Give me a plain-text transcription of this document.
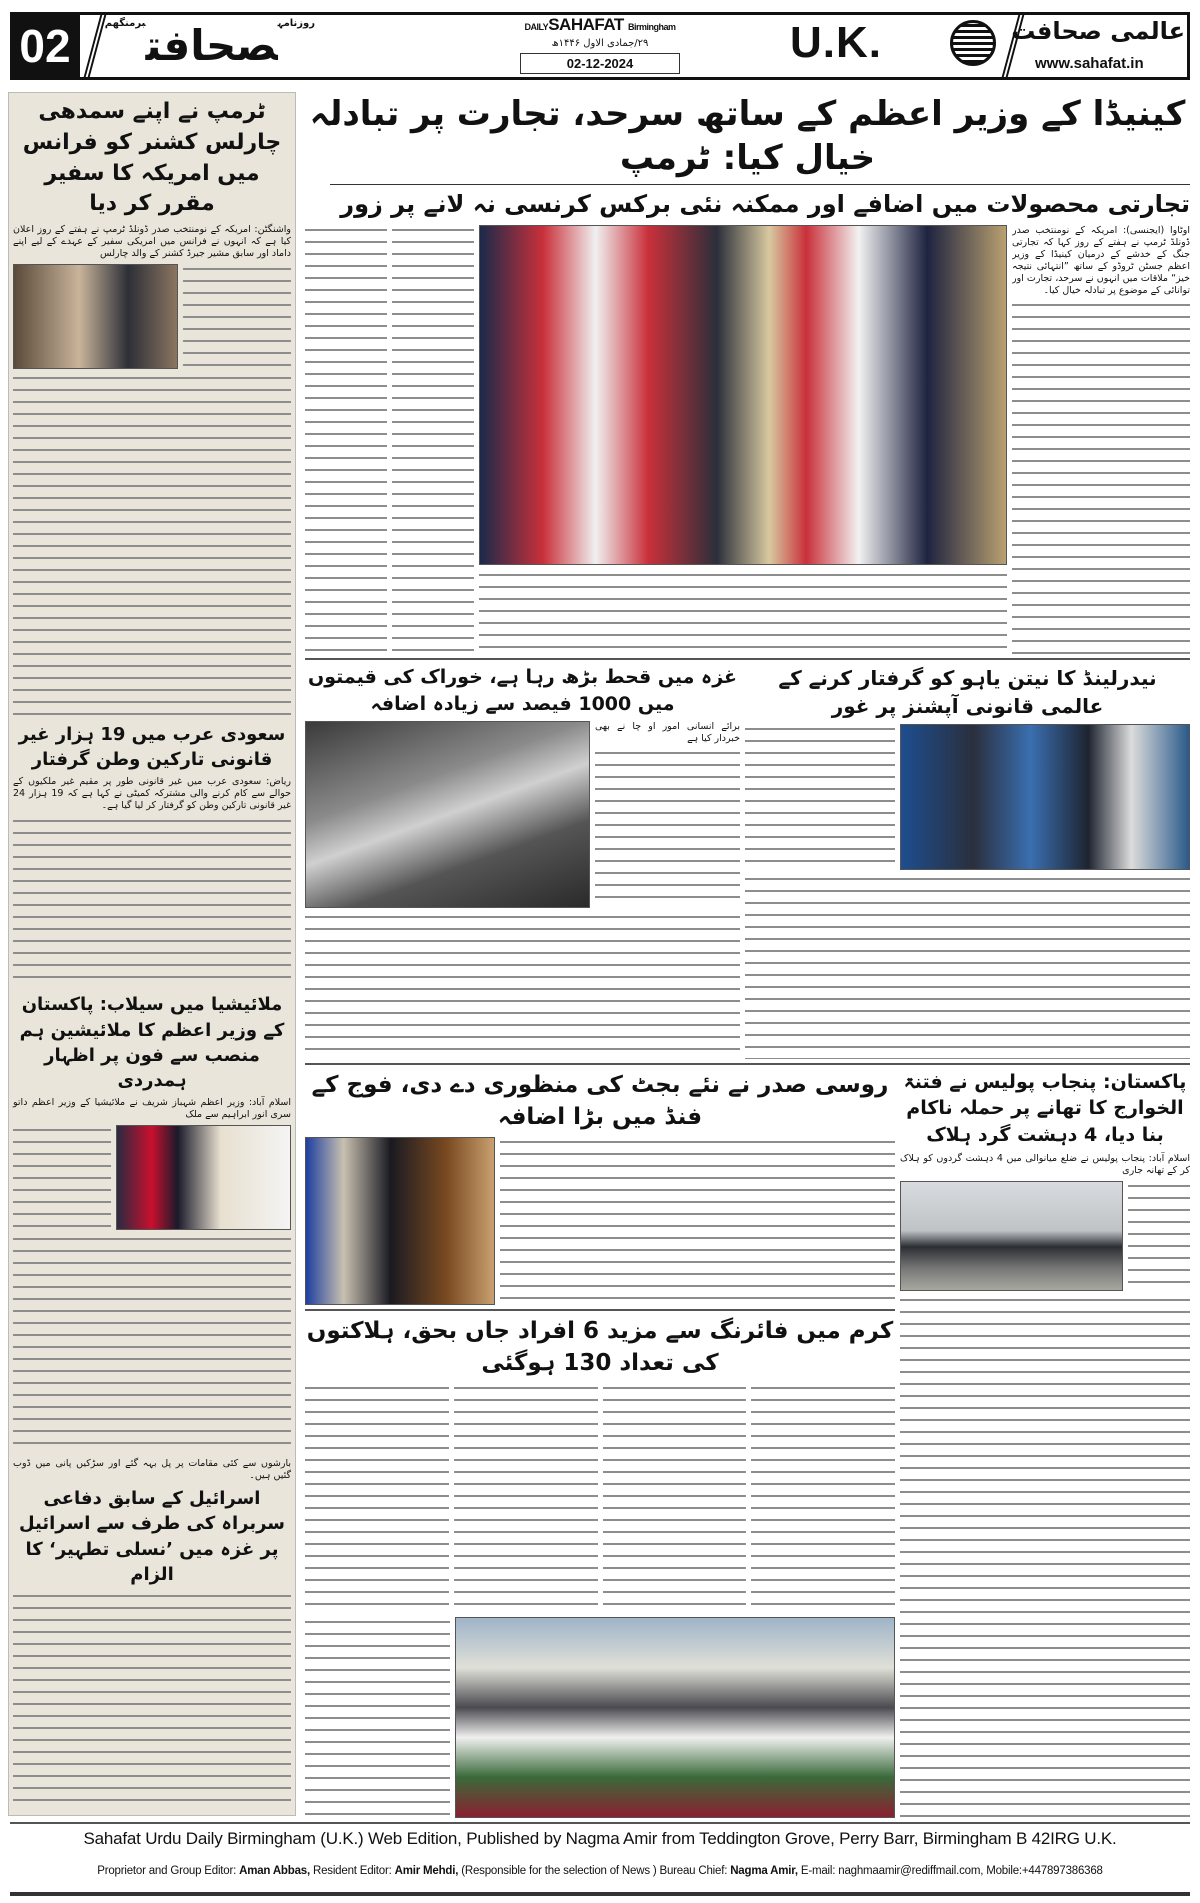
02	$^{روزنامہ}$صحافت$^{برمنگھم}$	DAILYSAHAFAT Birmingham
۲۹/جمادی الاول ۱۴۴۶ھ
02-12-2024	U.K.	عالمی صحافت
www.sahafat.in
ٹرمپ نے اپنے سمدھی چارلس کشنر کو فرانس میں امریکہ کا سفیر مقرر کر دیا
واشنگٹن: امریکہ کے نومنتخب صدر ڈونلڈ ٹرمپ نے ہفتے کے روز اعلان کیا ہے کہ انہوں نے فرانس میں امریکی سفیر کے عہدے کے لیے اپنے داماد اور سابق مشیر جیرڈ کشنر کے والد چارلس
سعودی عرب میں 19 ہزار غیر قانونی تارکین وطن گرفتار
ریاض: سعودی عرب میں غیر قانونی طور پر مقیم غیر ملکیوں کے حوالے سے کام کرنے والی مشترکہ کمیٹی نے کہا ہے کہ 19 ہزار 24 غیر قانونی تارکین وطن کو گرفتار کر لیا گیا ہے۔
ملائیشیا میں سیلاب: پاکستان کے وزیر اعظم کا ملائیشین ہم منصب سے فون پر اظہار ہمدردی
اسلام آباد: وزیر اعظم شہباز شریف نے ملائیشیا کے وزیر اعظم داتو سری انور ابراہیم سے ملک
بارشوں سے کئی مقامات پر پل بہہ گئے اور سڑکیں پانی میں ڈوب گئیں ہیں۔
اسرائیل کے سابق دفاعی سربراہ کی طرف سے اسرائیل پر غزہ میں ’نسلی تطہیر‘ کا الزام
کینیڈا کے وزیر اعظم کے ساتھ سرحد، تجارت پر تبادلہ خیال کیا: ٹرمپ
تجارتی محصولات میں اضافے اور ممکنہ نئی برکس کرنسی نہ لانے پر زور
اوٹاوا (ایجنسی): امریکہ کے نومنتخب صدر ڈونلڈ ٹرمپ نے ہفتے کے روز کہا کہ تجارتی جنگ کے خدشے کے درمیان کینیڈا کے وزیر اعظم جسٹن ٹروڈو کے ساتھ ”انتہائی نتیجہ خیز“ ملاقات میں انہوں نے سرحد، تجارت اور توانائی کے موضوع پر تبادلہ خیال کیا۔
غزہ میں قحط بڑھ رہا ہے، خوراک کی قیمتوں میں 1000 فیصد سے زیادہ اضافہ
برائے انسانی امور او چا نے بھی خبردار کیا ہے
نیدرلینڈ کا نیتن یاہو کو گرفتار کرنے کے عالمی قانونی آپشنز پر غور
روسی صدر نے نئے بجٹ کی منظوری دے دی، فوج کے فنڈ میں بڑا اضافہ
کرم میں فائرنگ سے مزید 6 افراد جاں بحق، ہلاکتوں کی تعداد 130 ہوگئی
پاکستان: پنجاب پولیس نے فتنۃ الخوارج کا تھانے پر حملہ ناکام بنا دیا، 4 دہشت گرد ہلاک
اسلام آباد: پنجاب پولیس نے ضلع میانوالی میں 4 دہشت گردوں کو ہلاک کر کے تھانہ جاری
Sahafat Urdu Daily Birmingham (U.K.) Web Edition, Published by Nagma Amir from Teddington Grove, Perry Barr, Birmingham B 42IRG U.K.
Proprietor and Group Editor: Aman Abbas, Resident Editor: Amir Mehdi, (Responsible for the selection of News ) Bureau Chief: Nagma Amir, E-mail: naghmaamir@rediffmail.com, Mobile:+447897386368
